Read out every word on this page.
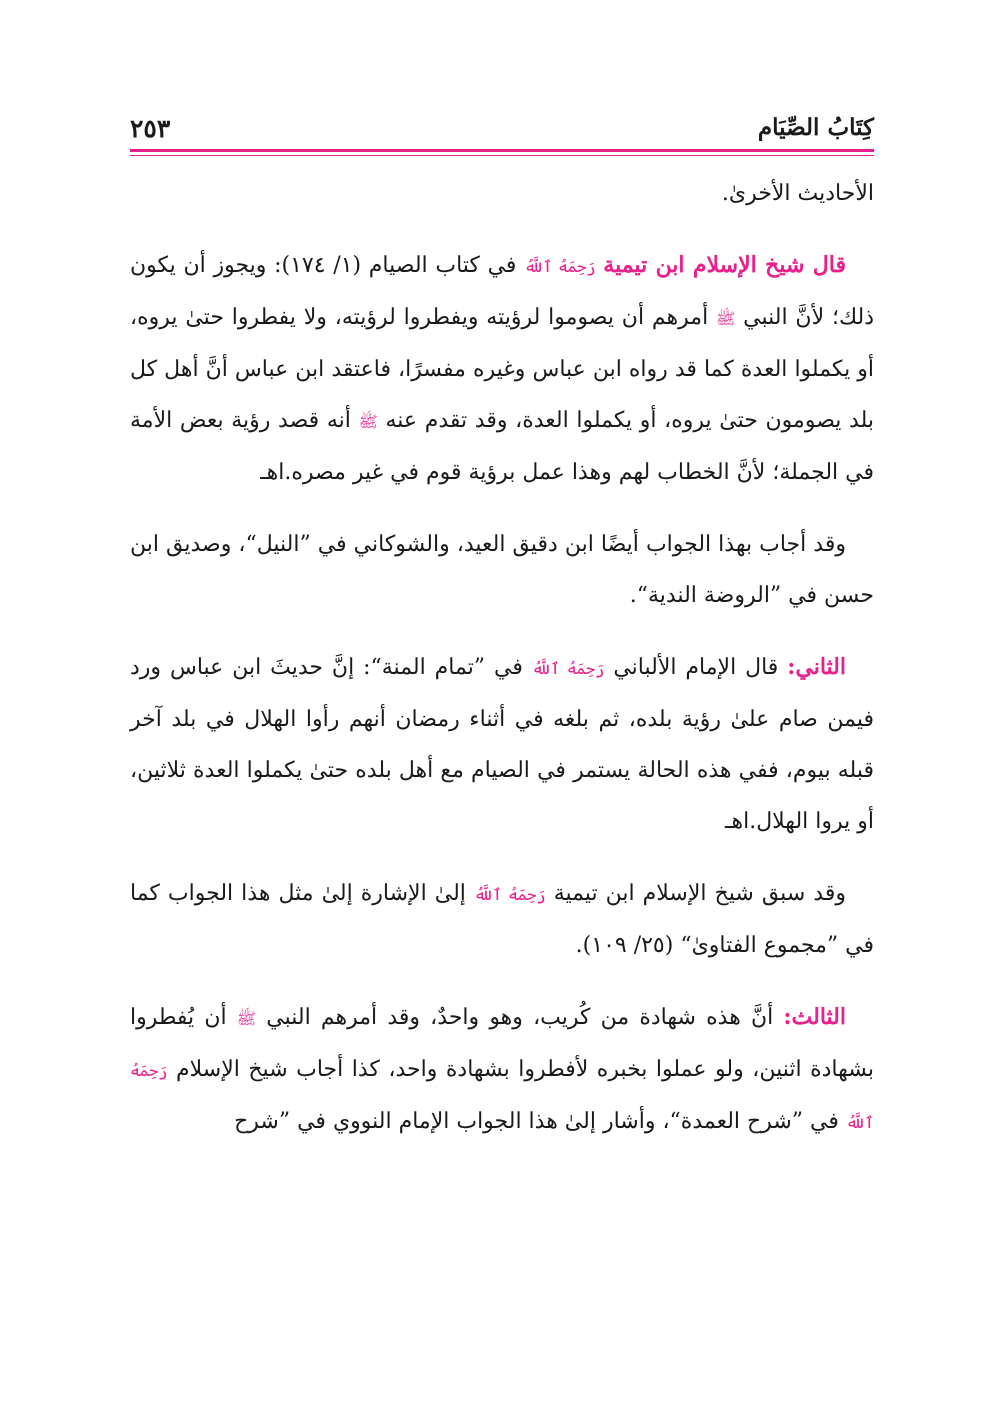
كِتَابُ الصِّيَام
٢٥٣

الأحاديث الأخرىٰ.

قال شيخ الإسلام ابن تيمية رَحِمَهُ ٱللَّهُ في كتاب الصيام (١/ ١٧٤): ويجوز أن يكون ذلك؛ لأنَّ النبي ﷺ أمرهم أن يصوموا لرؤيته ويفطروا لرؤيته، ولا يفطروا حتىٰ يروه، أو يكملوا العدة كما قد رواه ابن عباس وغيره مفسرًا، فاعتقد ابن عباس أنَّ أهل كل بلد يصومون حتىٰ يروه، أو يكملوا العدة، وقد تقدم عنه ﷺ أنه قصد رؤية بعض الأمة في الجملة؛ لأنَّ الخطاب لهم وهذا عمل برؤية قوم في غير مصره.اهـ

وقد أجاب بهذا الجواب أيضًا ابن دقيق العيد، والشوكاني في ”النيل“، وصديق ابن حسن في ”الروضة الندية“.

الثاني: قال الإمام الألباني رَحِمَهُ ٱللَّهُ في ”تمام المنة“: إنَّ حديثَ ابن عباس ورد فيمن صام علىٰ رؤية بلده، ثم بلغه في أثناء رمضان أنهم رأوا الهلال في بلد آخر قبله بيوم، ففي هذه الحالة يستمر في الصيام مع أهل بلده حتىٰ يكملوا العدة ثلاثين، أو يروا الهلال.اهـ

وقد سبق شيخ الإسلام ابن تيمية رَحِمَهُ ٱللَّهُ إلىٰ الإشارة إلىٰ مثل هذا الجواب كما في ”مجموع الفتاوىٰ“ (٢٥/ ١٠٩).

الثالث: أنَّ هذه شهادة من كُريب، وهو واحدٌ، وقد أمرهم النبي ﷺ أن يُفطروا بشهادة اثنين، ولو عملوا بخبره لأفطروا بشهادة واحد، كذا أجاب شيخ الإسلام رَحِمَهُ ٱللَّهُ في ”شرح العمدة“، وأشار إلىٰ هذا الجواب الإمام النووي في ”شرح
